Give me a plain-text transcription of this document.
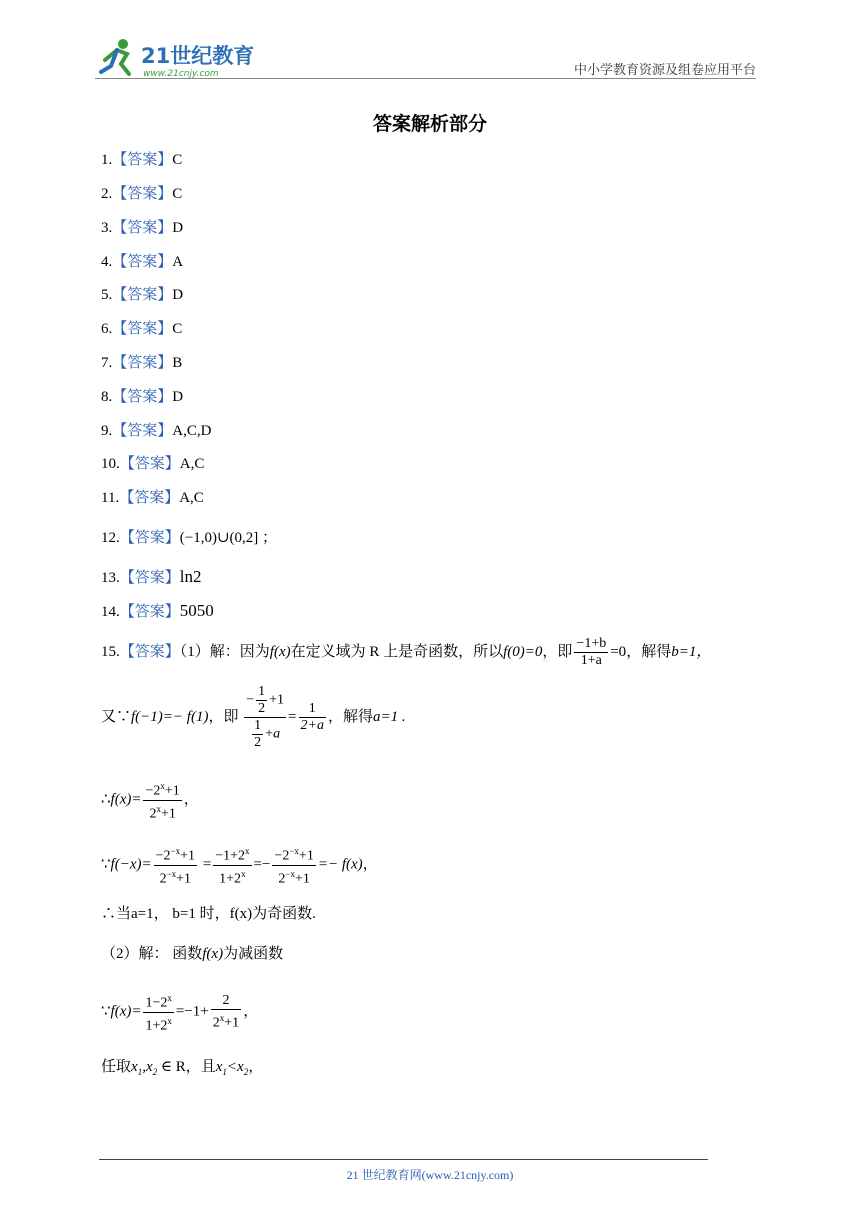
21世纪教育
www.21cnjy.com	中小学教育资源及组卷应用平台
答案解析部分
1.【答案】C
2.【答案】C
3.【答案】D
4.【答案】A
5.【答案】D
6.【答案】C
7.【答案】B
8.【答案】D
9.【答案】A,C,D
10.【答案】A,C
11.【答案】A,C
12.【答案】(−1,0)∪(0,2] ；
13.【答案】ln2
14.【答案】5050
15.【答案】（1）解：因为f(x)在定义域为 R 上是奇函数，所以f(0)=0，即 $\frac{-1+b}{1+a} =0$，解得b=1，
又∵f(−1)=− f(1)，即 $\frac{- \frac{1}{2} +1}{\frac{1}{2} +a} = \frac{1}{2+a}$ ，解得a=1 .
∴f(x)= $\frac{-2^x+1}{2^x+1}$ ，
∵f(−x)= $\frac{-2^{-x}+1}{2^{-x}+1} = \frac{-1+2^x}{1+2^x} =- \frac{-2^{-x}+1}{2^{-x}+1} =- f(x)$，
∴当a=1， b=1 时，f(x)为奇函数.
（2）解： 函数f(x)为减函数
∵f(x)= $\frac{1-2^x}{1+2^x} =-1+ \frac{2}{2^x+1}$ ，
任取$x_1,x_2$ ∈ R，且$x_1<x_2$，
21 世纪教育网(www.21cnjy.com)
